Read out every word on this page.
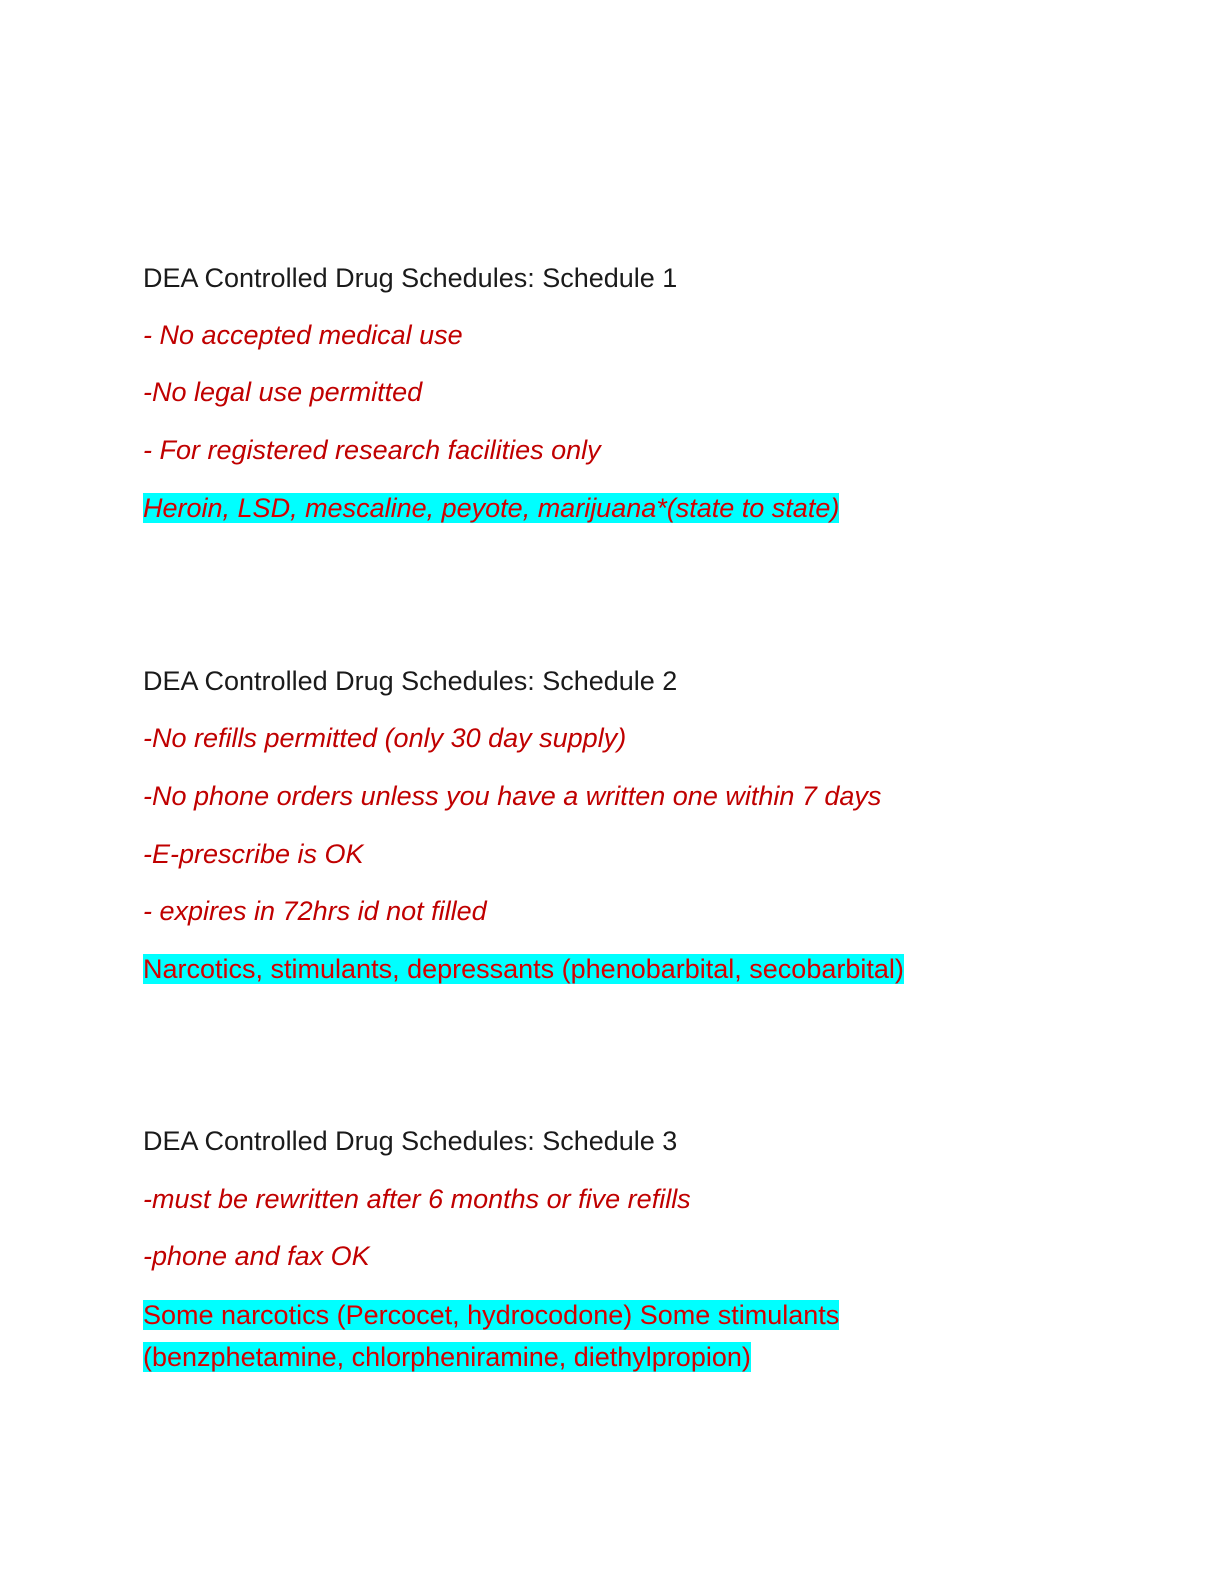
DEA Controlled Drug Schedules: Schedule 1

- No accepted medical use

-No legal use permitted

- For registered research facilities only

Heroin, LSD, mescaline, peyote, marijuana*(state to state)

DEA Controlled Drug Schedules: Schedule 2

-No refills permitted (only 30 day supply)

-No phone orders unless you have a written one within 7 days

-E-prescribe is OK

- expires in 72hrs id not filled

Narcotics, stimulants, depressants (phenobarbital, secobarbital)

DEA Controlled Drug Schedules: Schedule 3

-must be rewritten after 6 months or five refills

-phone and fax OK

Some narcotics (Percocet, hydrocodone) Some stimulants
(benzphetamine, chlorpheniramine, diethylpropion)
